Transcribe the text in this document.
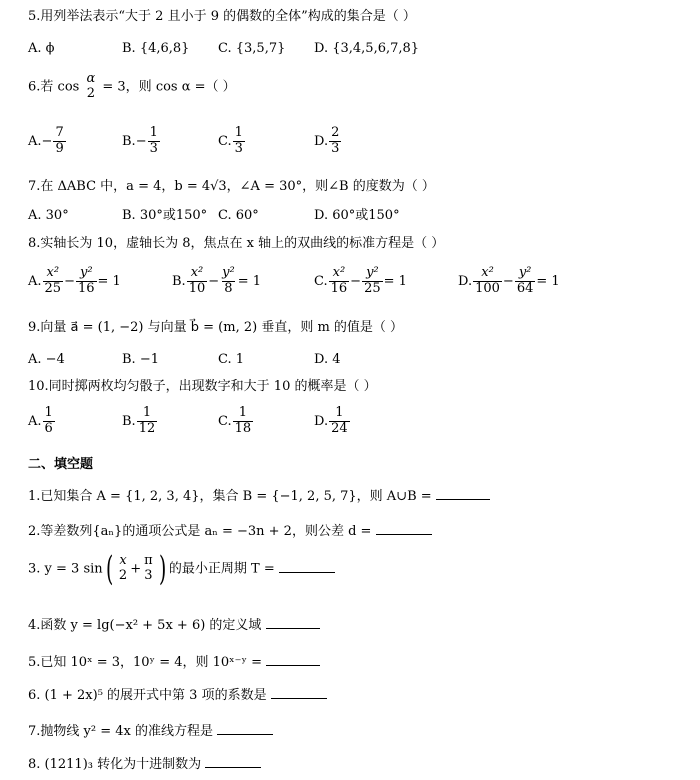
5.用列举法表示“大于 2 且小于 9 的偶数的全体”构成的集合是（ ）
A. ϕ	B. {4,6,8} C. {3,5,7} D. {3,4,5,6,7,8}
6.若 cos
α
2 = 3，则 cos α =（ ）
$A.- \frac{7}{9}$	$B.- \frac{1}{3}$	C. $\frac{1}{3}$	D. $\frac{2}{3}$
7.在 ΔABC 中，a = 4，b = 4√3，∠A = 30°，则∠B 的度数为（ ）
A. 30°	B. 30°或150° C. 60°	D. 60°或150°
8.实轴长为 10，虚轴长为 8，焦点在 x 轴上的双曲线的标准方程是（ ）
A. $\frac{\text{x²}}{25} - \frac{\text{y²}}{16} = 1$	B. $\frac{\text{x²}}{10} - \frac{\text{y²}}{8} = 1$	C. $\frac{\text{x²}}{16} - \frac{\text{y²}}{25} = 1$	D. $\frac{\text{x²}}{100} - \frac{\text{y²}}{64} = 1$
9.向量 a⃗ = (1, −2) 与向量 b⃗ = (m, 2) 垂直，则 m 的值是（ ）
A. −4	B. −1	C. 1	D. 4
10.同时掷两枚均匀骰子，出现数字和大于 10 的概率是（ ）
A. $\frac{1}{6}$	B. $\frac{1}{12}$	C. $\frac{1}{18}$	D. $\frac{1}{24}$
二、填空题
1.已知集合 A = {1, 2, 3, 4}，集合 B = {−1, 2, 5, 7}，则 A∪B =
2.等差数列{aₙ}的通项公式是 aₙ = −3n + 2，则公差 d =
3. y = 3 sin( x
2 +
π
3 ) 的最小正周期 T =
4.函数 y = lg(−x² + 5x + 6) 的定义域
5.已知 10ˣ = 3，10ʸ = 4，则 10ˣ⁻ʸ =
6. (1 + 2x)⁵ 的展开式中第 3 项的系数是
7.抛物线 y² = 4x 的准线方程是
8. (1211)₃ 转化为十进制数为
